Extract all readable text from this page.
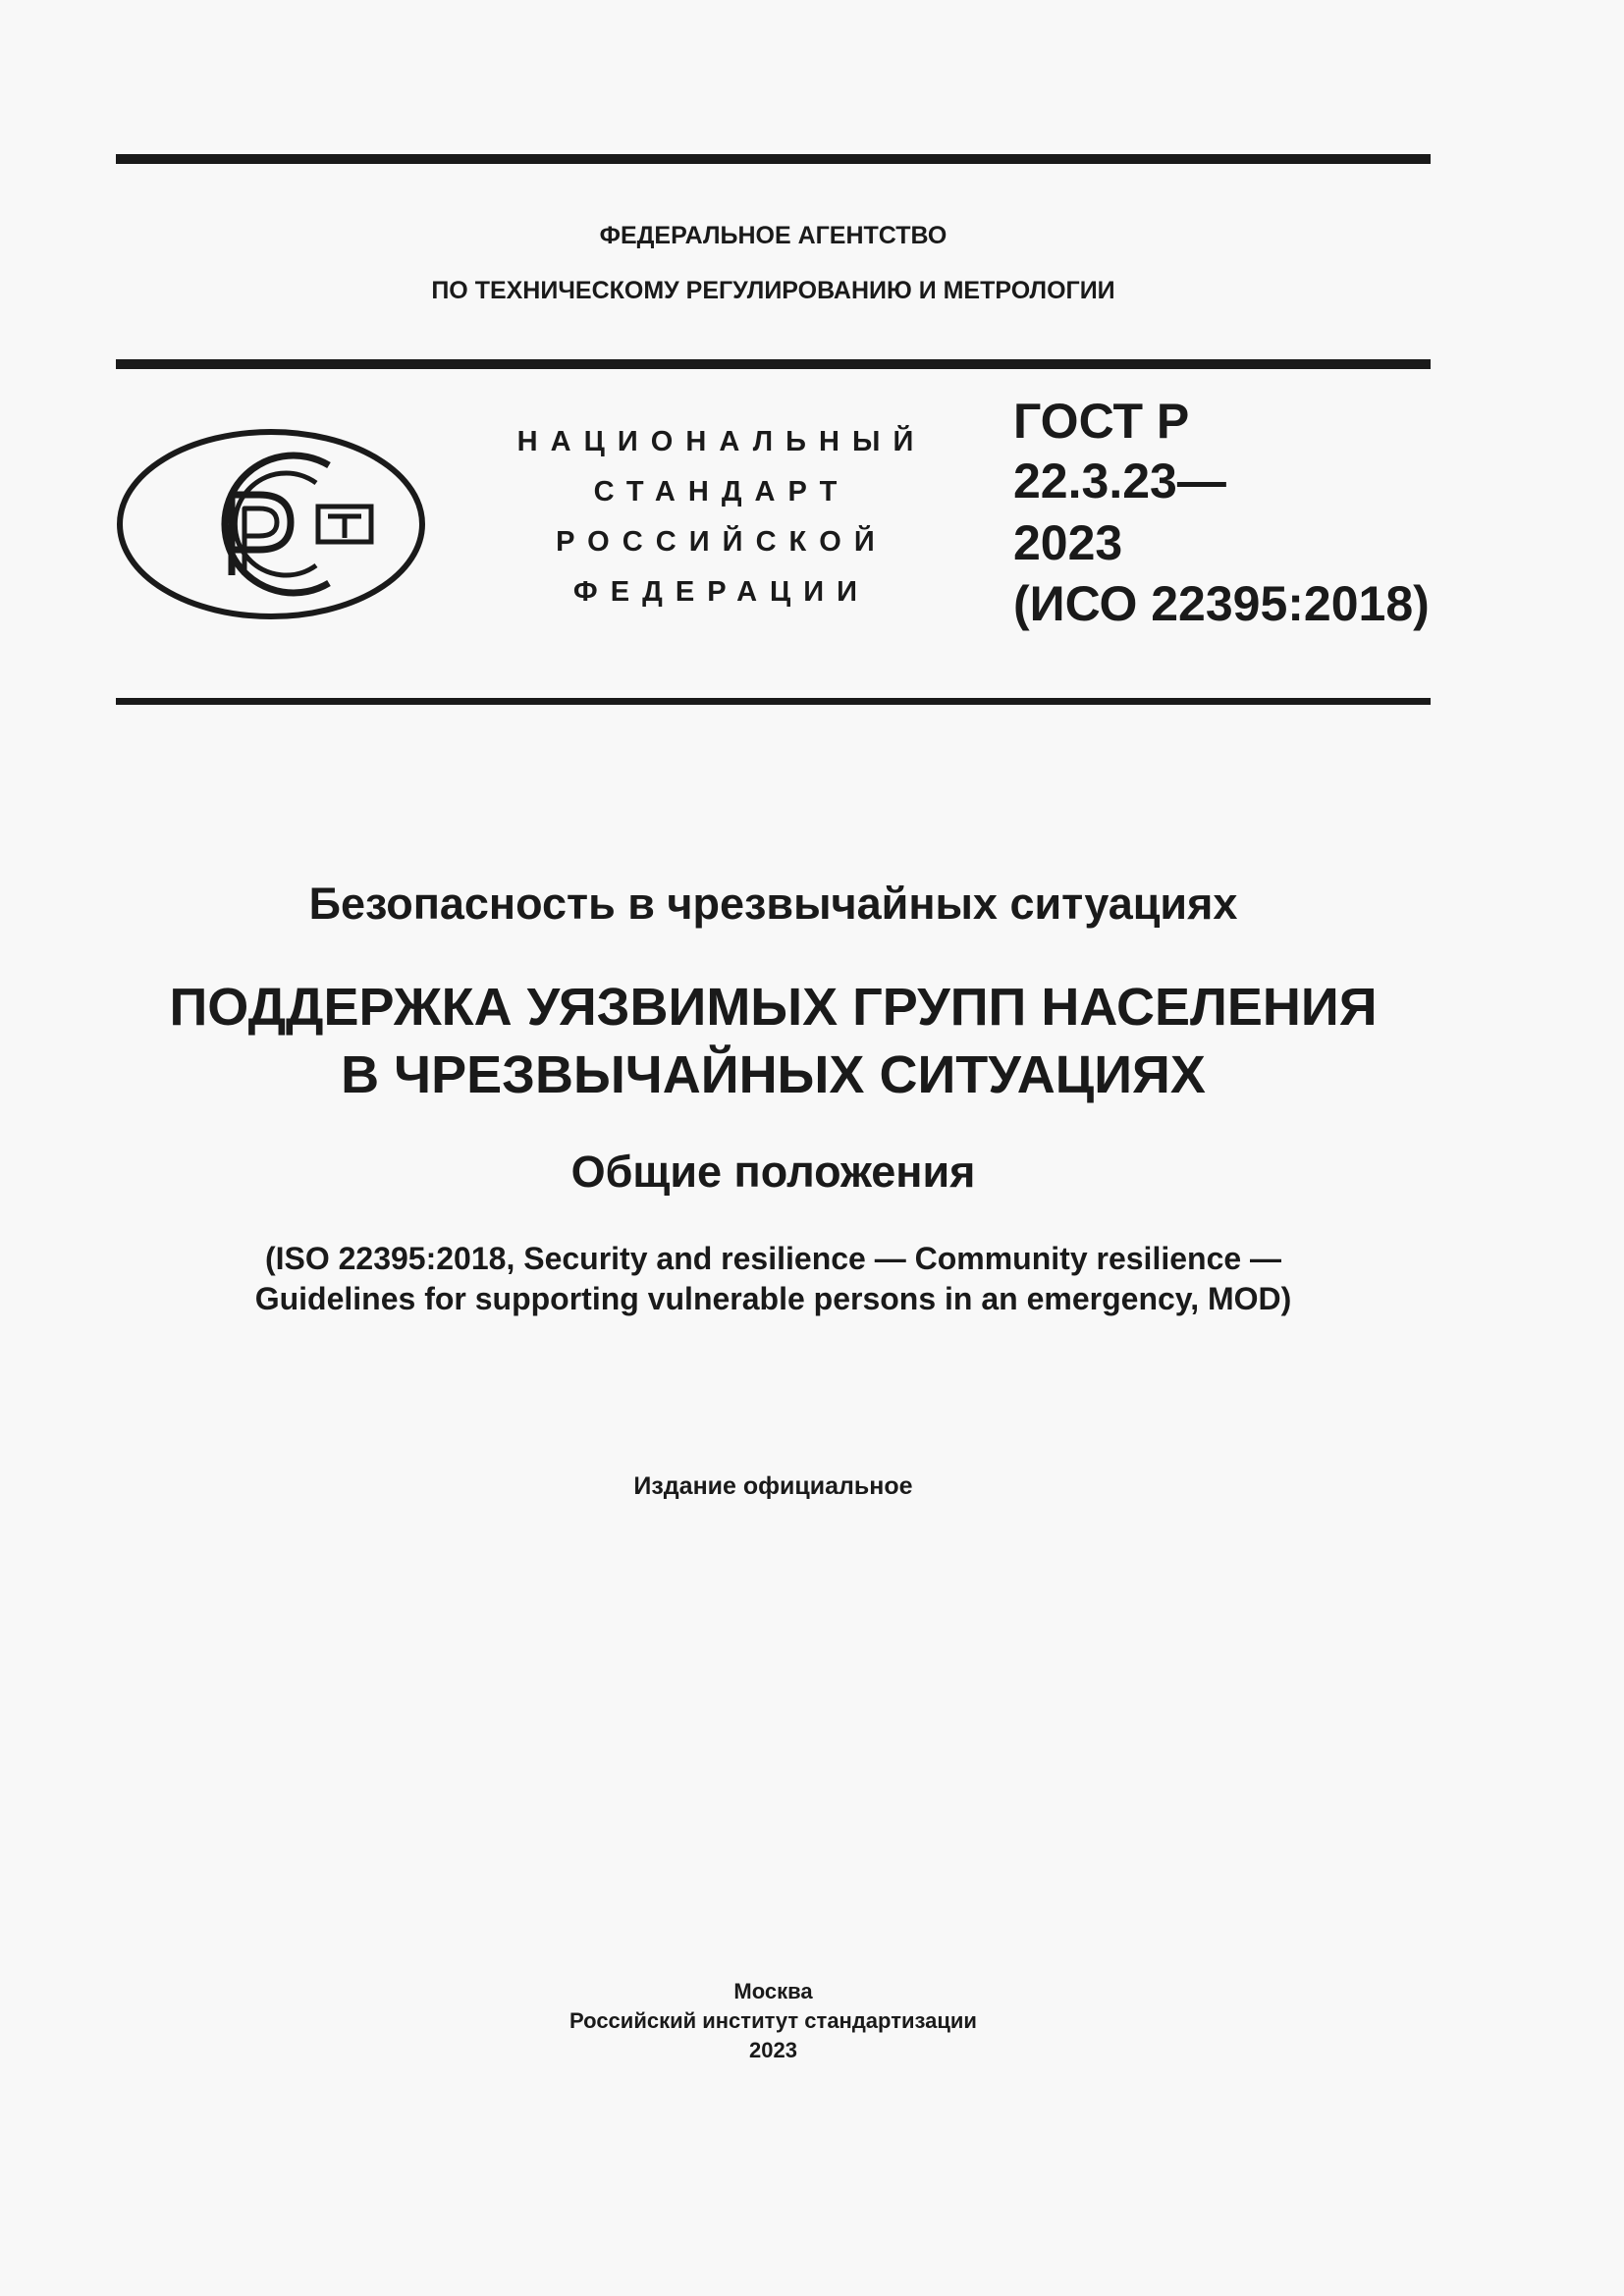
ФЕДЕРАЛЬНОЕ АГЕНТСТВО
ПО ТЕХНИЧЕСКОМУ РЕГУЛИРОВАНИЮ И МЕТРОЛОГИИ
НАЦИОНАЛЬНЫЙ
СТАНДАРТ
РОССИЙСКОЙ
ФЕДЕРАЦИИ
ГОСТ Р
22.3.23—
2023
(ИСО 22395:2018)
Безопасность в чрезвычайных ситуациях
ПОДДЕРЖКА УЯЗВИМЫХ ГРУПП НАСЕЛЕНИЯ
В ЧРЕЗВЫЧАЙНЫХ СИТУАЦИЯХ
Общие положения
(ISO 22395:2018, Security and resilience — Community resilience —
Guidelines for supporting vulnerable persons in an emergency, MOD)
Издание официальное
Москва
Российский институт стандартизации
2023
